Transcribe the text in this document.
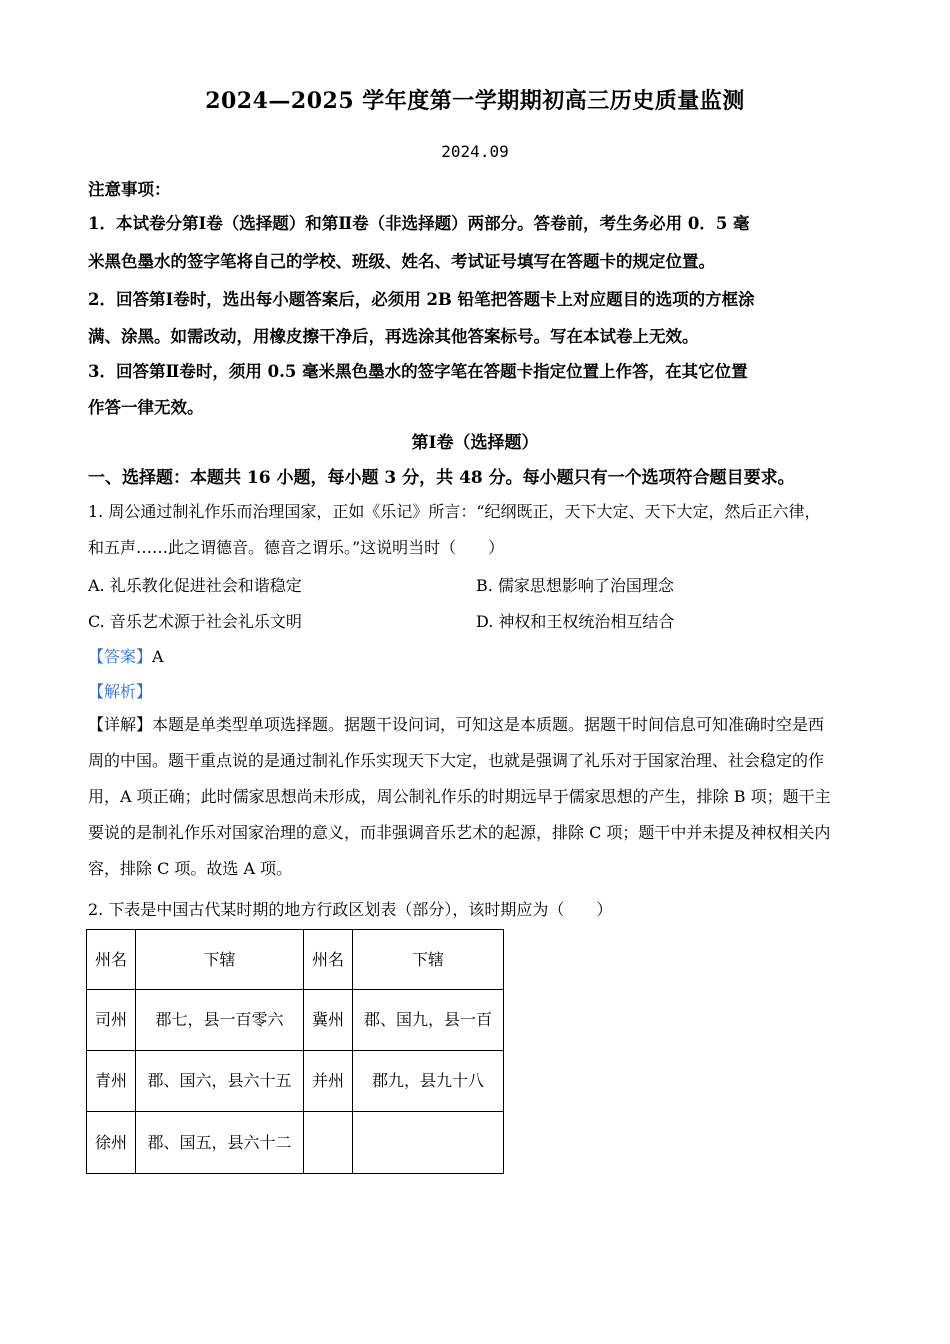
2024—2025 学年度第一学期期初高三历史质量监测
2024.09
注意事项：
1．本试卷分第Ⅰ卷（选择题）和第Ⅱ卷（非选择题）两部分。答卷前，考生务必用 0．5 毫
米黑色墨水的签字笔将自己的学校、班级、姓名、考试证号填写在答题卡的规定位置。
2．回答第Ⅰ卷时，选出每小题答案后，必须用 2B 铅笔把答题卡上对应题目的选项的方框涂
满、涂黑。如需改动，用橡皮擦干净后，再选涂其他答案标号。写在本试卷上无效。
3．回答第Ⅱ卷时，须用 0.5 毫米黑色墨水的签字笔在答题卡指定位置上作答，在其它位置
作答一律无效。
第Ⅰ卷（选择题）
一、选择题：本题共 16 小题，每小题 3 分，共 48 分。每小题只有一个选项符合题目要求。
1. 周公通过制礼作乐而治理国家，正如《乐记》所言：“纪纲既正，天下大定、天下大定，然后正六律，
和五声……此之谓德音。德音之谓乐。”这说明当时（　　）
A. 礼乐教化促进社会和谐稳定	B. 儒家思想影响了治国理念
C. 音乐艺术源于社会礼乐文明	D. 神权和王权统治相互结合
【答案】A
【解析】
【详解】本题是单类型单项选择题。据题干设问词，可知这是本质题。据题干时间信息可知准确时空是西
周的中国。题干重点说的是通过制礼作乐实现天下大定，也就是强调了礼乐对于国家治理、社会稳定的作
用，A 项正确；此时儒家思想尚未形成，周公制礼作乐的时期远早于儒家思想的产生，排除 B 项；题干主
要说的是制礼作乐对国家治理的意义，而非强调音乐艺术的起源，排除 C 项；题干中并未提及神权相关内
容，排除 C 项。故选 A 项。
2. 下表是中国古代某时期的地方行政区划表（部分），该时期应为（　　）
州名	下辖	州名	下辖
司州	郡七，县一百零六	冀州	郡、国九，县一百
青州	郡、国六，县六十五	并州	郡九，县九十八
徐州	郡、国五，县六十二		
